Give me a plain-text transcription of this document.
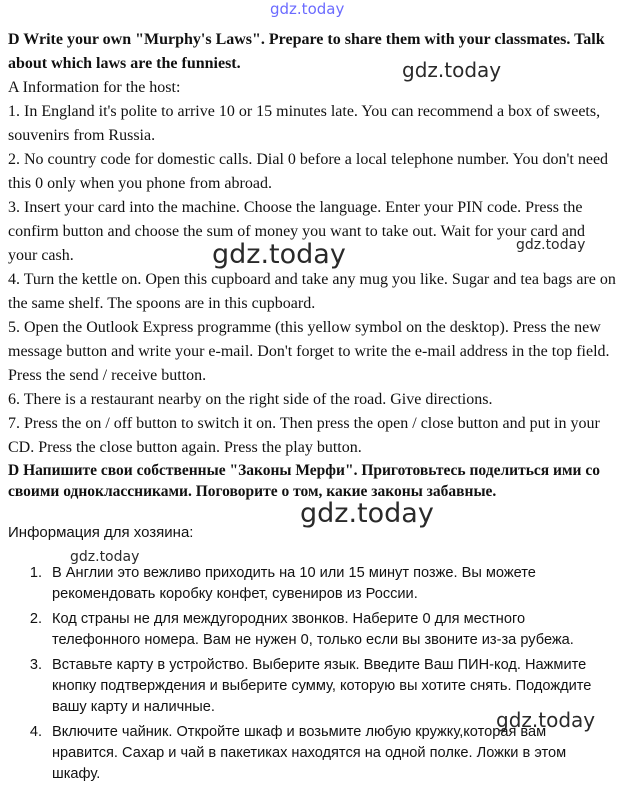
gdz.today

D Write your own "Murphy's Laws". Prepare to share them with your classmates. Talk about which laws are the funniest.

A Information for the host:

1. In England it's polite to arrive 10 or 15 minutes late. You can recommend a box of sweets, souvenirs from Russia.

2. No country code for domestic calls. Dial 0 before a local telephone number. You don't need this 0 only when you phone from abroad.

3. Insert your card into the machine. Choose the language. Enter your PIN code. Press the confirm button and choose the sum of money you want to take out. Wait for your card and your cash.

4. Turn the kettle on. Open this cupboard and take any mug you like. Sugar and tea bags are on the same shelf. The spoons are in this cupboard.

5. Open the Outlook Express programme (this yellow symbol on the desktop). Press the new message button and write your e-mail. Don't forget to write the e-mail address in the top field. Press the send / receive button.

6. There is a restaurant nearby on the right side of the road. Give directions.

7. Press the on / off button to switch it on. Then press the open / close button and put in your CD. Press the close button again. Press the play button.

D Напишите свои собственные "Законы Мерфи". Приготовьтесь поделиться ими со своими одноклассниками. Поговорите о том, какие законы забавные.

Информация для хозяина:
1. В Англии это вежливо приходить на 10 или 15 минут позже. Вы можете рекомендовать коробку конфет, сувениров из России.
2. Код страны не для междугородних звонков. Наберите 0 для местного телефонного номера. Вам не нужен 0, только если вы звоните из-за рубежа.
3. Вставьте карту в устройство. Выберите язык. Введите Ваш ПИН-код. Нажмите кнопку подтверждения и выберите сумму, которую вы хотите снять. Подождите вашу карту и наличные.
4. Включите чайник. Откройте шкаф и возьмите любую кружку,которая вам нравится. Сахар и чай в пакетиках находятся на одной полке. Ложки в этом шкафу.
gdz.today
gdz.today	gdz.today
gdz.today
gdz.today
gdz.today
